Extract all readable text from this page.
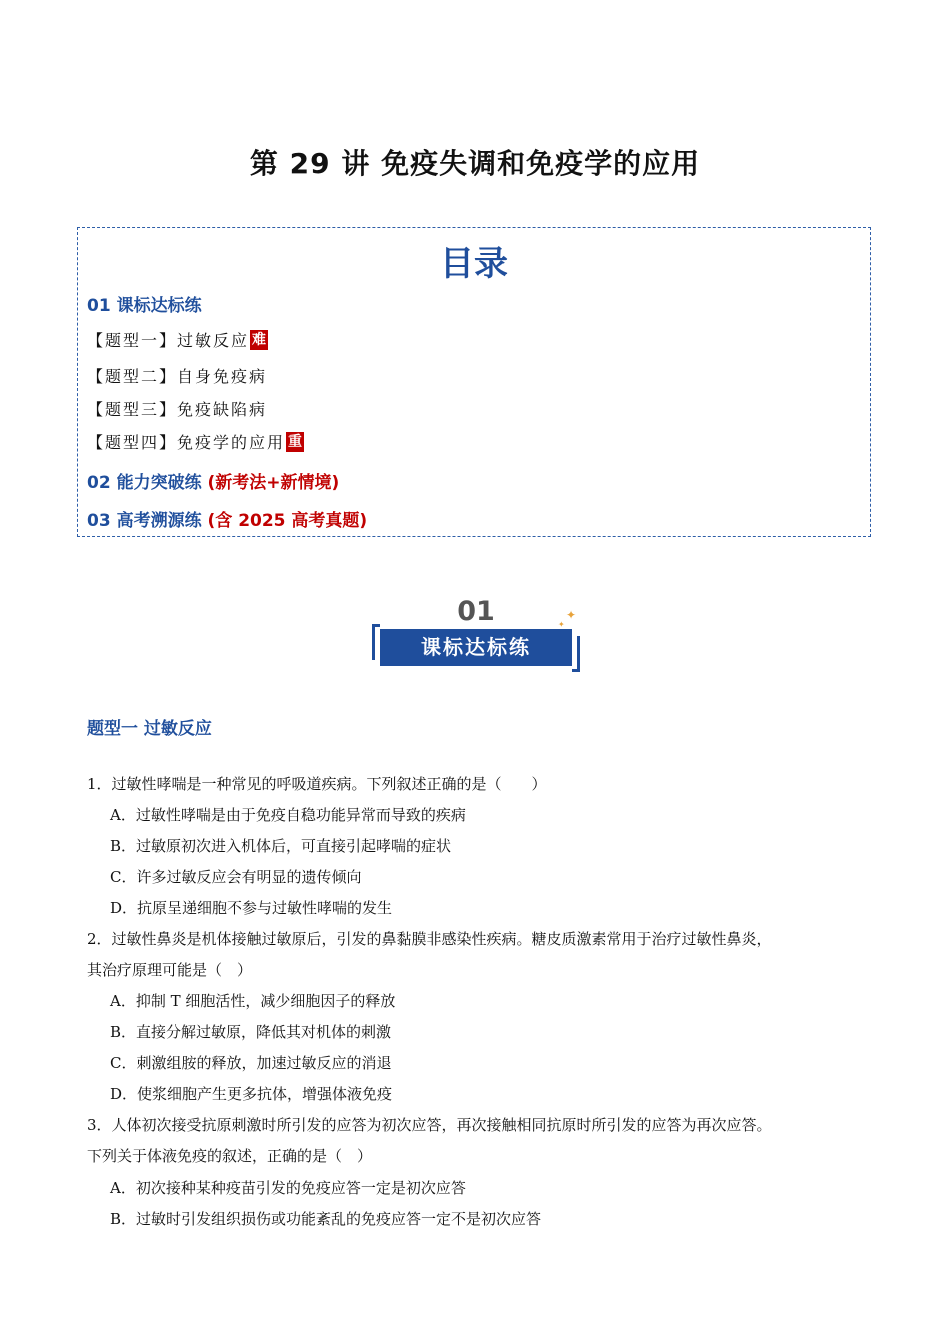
第 29 讲 免疫失调和免疫学的应用
目录
01 课标达标练
【题型一】过敏反应 难
【题型二】自身免疫病
【题型三】免疫缺陷病
【题型四】免疫学的应用 重
02 能力突破练 (新考法+新情境)
03 高考溯源练 (含 2025 高考真题)
01
课标达标练
✦
✦
题型一 过敏反应
1．过敏性哮喘是一种常见的呼吸道疾病。下列叙述正确的是（　　）
A．过敏性哮喘是由于免疫自稳功能异常而导致的疾病
B．过敏原初次进入机体后，可直接引起哮喘的症状
C．许多过敏反应会有明显的遗传倾向
D．抗原呈递细胞不参与过敏性哮喘的发生
2．过敏性鼻炎是机体接触过敏原后，引发的鼻黏膜非感染性疾病。糖皮质激素常用于治疗过敏性鼻炎，
其治疗原理可能是（　）
A．抑制 T 细胞活性，减少细胞因子的释放
B．直接分解过敏原，降低其对机体的刺激
C．刺激组胺的释放，加速过敏反应的消退
D．使浆细胞产生更多抗体，增强体液免疫
3．人体初次接受抗原刺激时所引发的应答为初次应答，再次接触相同抗原时所引发的应答为再次应答。
下列关于体液免疫的叙述，正确的是（　）
A．初次接种某种疫苗引发的免疫应答一定是初次应答
B．过敏时引发组织损伤或功能紊乱的免疫应答一定不是初次应答
